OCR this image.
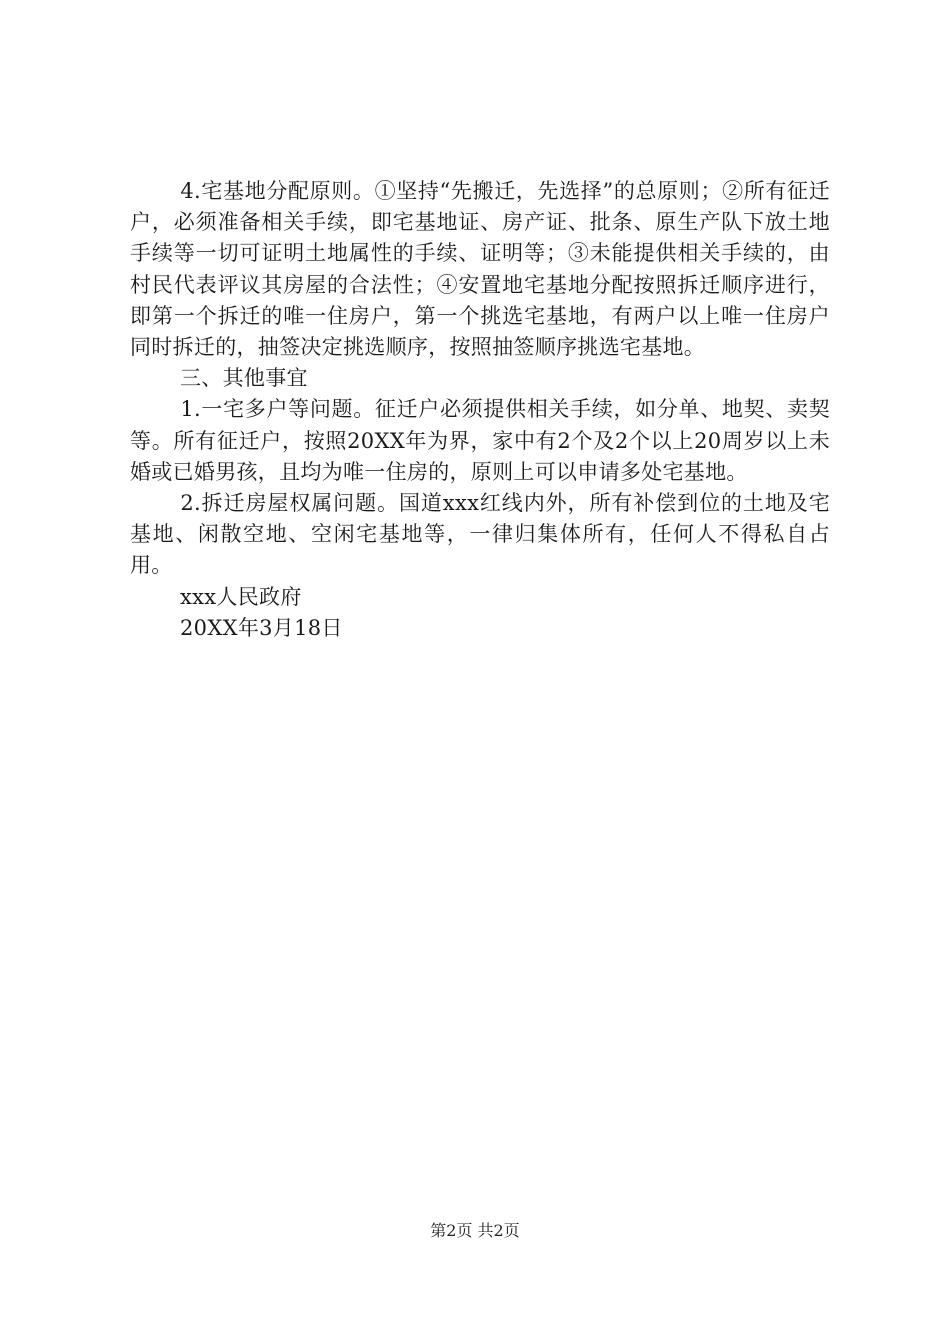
4.宅基地分配原则。①坚持“先搬迁，先选择”的总原则；②所有征迁户，必须准备相关手续，即宅基地证、房产证、批条、原生产队下放土地手续等一切可证明土地属性的手续、证明等；③未能提供相关手续的，由村民代表评议其房屋的合法性；④安置地宅基地分配按照拆迁顺序进行，即第一个拆迁的唯一住房户，第一个挑选宅基地，有两户以上唯一住房户同时拆迁的，抽签决定挑选顺序，按照抽签顺序挑选宅基地。

三、其他事宜

1.一宅多户等问题。征迁户必须提供相关手续，如分单、地契、卖契等。所有征迁户，按照20XX年为界，家中有2个及2个以上20周岁以上未婚或已婚男孩，且均为唯一住房的，原则上可以申请多处宅基地。

2.拆迁房屋权属问题。国道xxx红线内外，所有补偿到位的土地及宅基地、闲散空地、空闲宅基地等，一律归集体所有，任何人不得私自占用。

xxx人民政府

20XX年3月18日

第2页 共2页
